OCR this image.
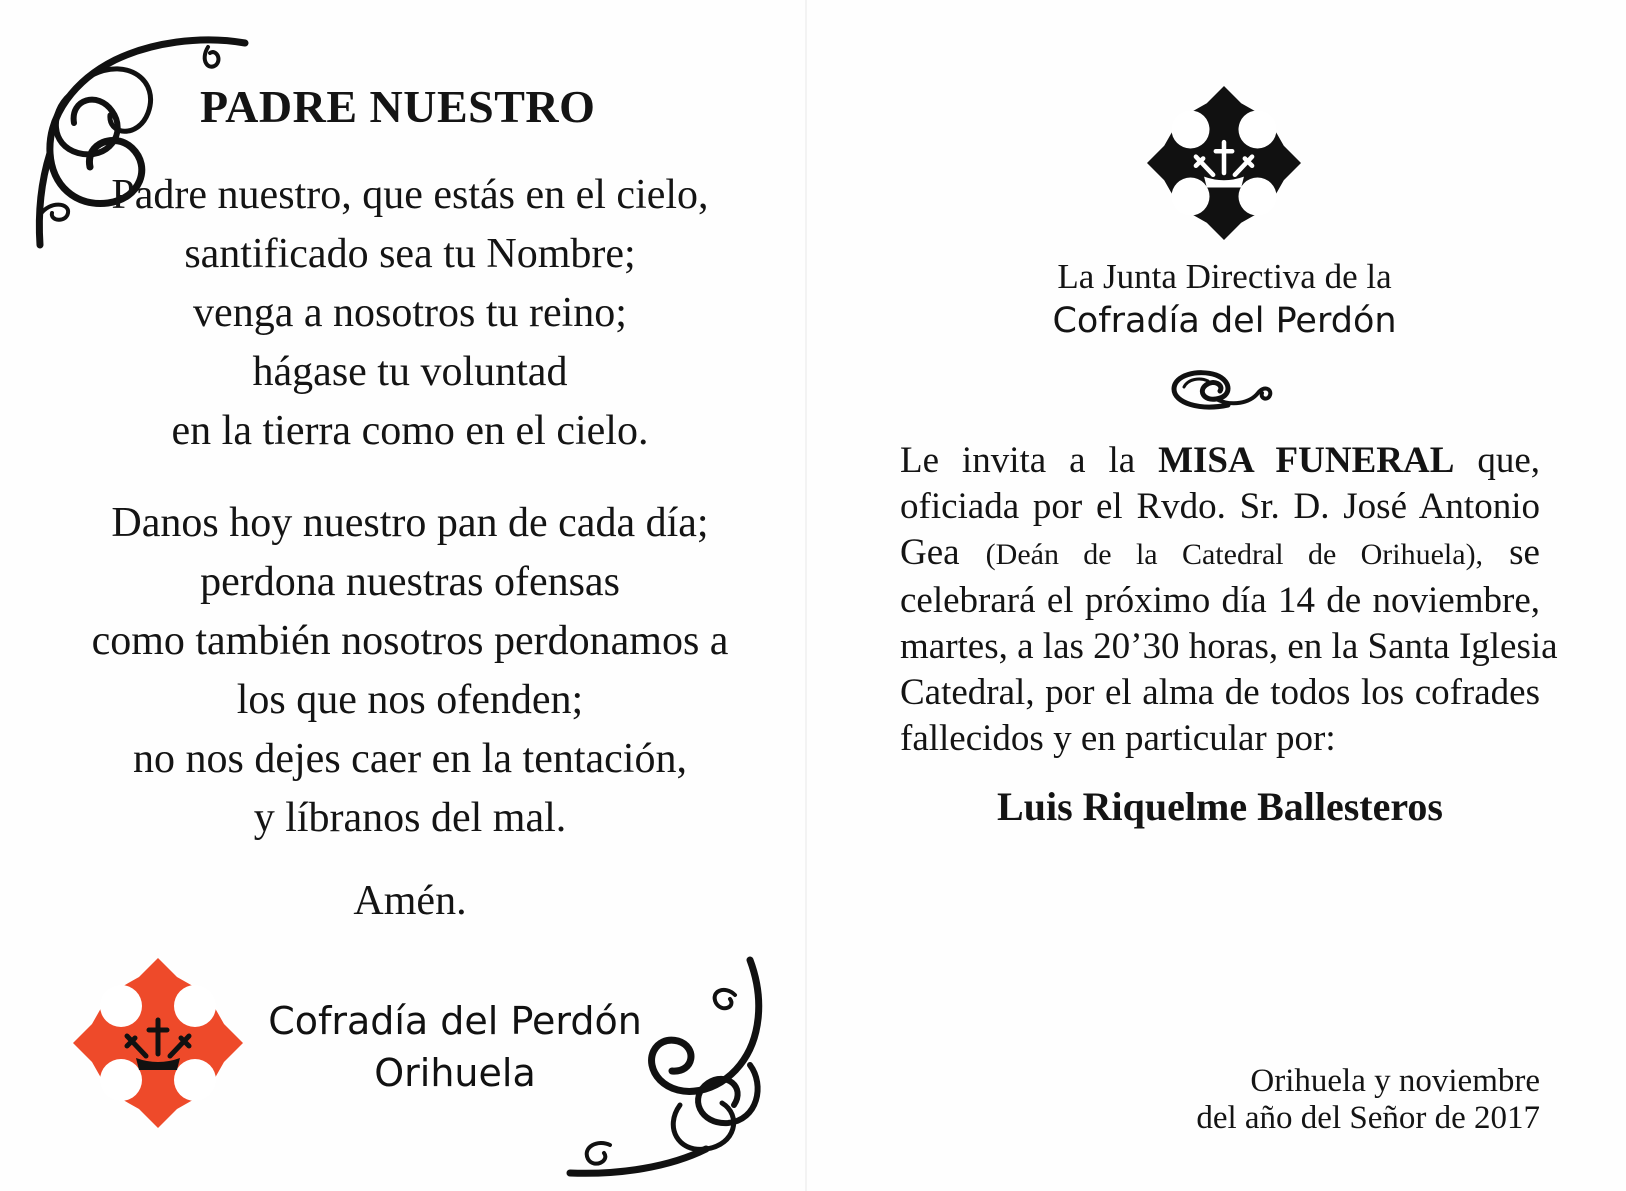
PADRE NUESTRO
Padre nuestro, que estás en el cielo,
santificado sea tu Nombre;
venga a nosotros tu reino;
hágase tu voluntad
en la tierra como en el cielo.
Danos hoy nuestro pan de cada día;
perdona nuestras ofensas
como también nosotros perdonamos a
los que nos ofenden;
no nos dejes caer en la tentación,
y líbranos del mal.
Amén.
Cofradía del Perdón
Orihuela
La Junta Directiva de la
Cofradía del Perdón
Le invita a la MISA FUNERAL que,
oficiada por el Rvdo. Sr. D. José Antonio
Gea (Deán de la Catedral de Orihuela), se
celebrará el próximo día 14 de noviembre,
martes, a las 20’30 horas, en la Santa Iglesia
Catedral, por el alma de todos los cofrades
fallecidos y en particular por:
Luis Riquelme Ballesteros
Orihuela y noviembre
del año del Señor de 2017
